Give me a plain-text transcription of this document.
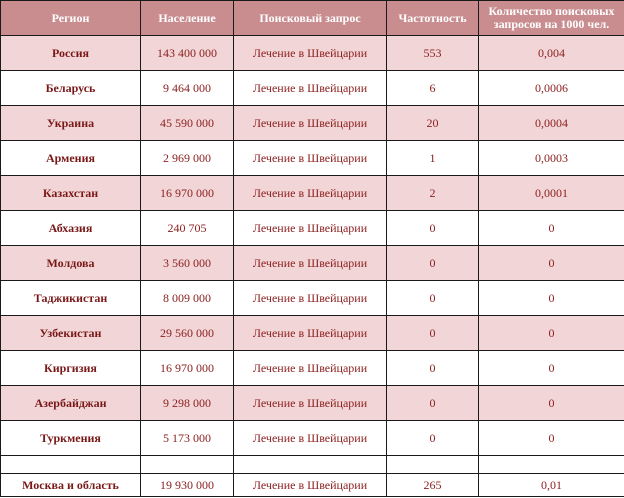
Регион	Население	Поисковый запрос	Частотность	Количество поисковых запросов на 1000 чел.
Россия	143 400 000	Лечение в Швейцарии	553	0,004
Беларусь	9 464 000	Лечение в Швейцарии	6	0,0006
Украина	45 590 000	Лечение в Швейцарии	20	0,0004
Армения	2 969 000	Лечение в Швейцарии	1	0,0003
Казахстан	16 970 000	Лечение в Швейцарии	2	0,0001
Абхазия	240 705	Лечение в Швейцарии	0	0
Молдова	3 560 000	Лечение в Швейцарии	0	0
Таджикистан	8 009 000	Лечение в Швейцарии	0	0
Узбекистан	29 560 000	Лечение в Швейцарии	0	0
Киргизия	16 970 000	Лечение в Швейцарии	0	0
Азербайджан	9 298 000	Лечение в Швейцарии	0	0
Туркмения	5 173 000	Лечение в Швейцарии	0	0

Москва и область	19 930 000	Лечение в Швейцарии	265	0,01
